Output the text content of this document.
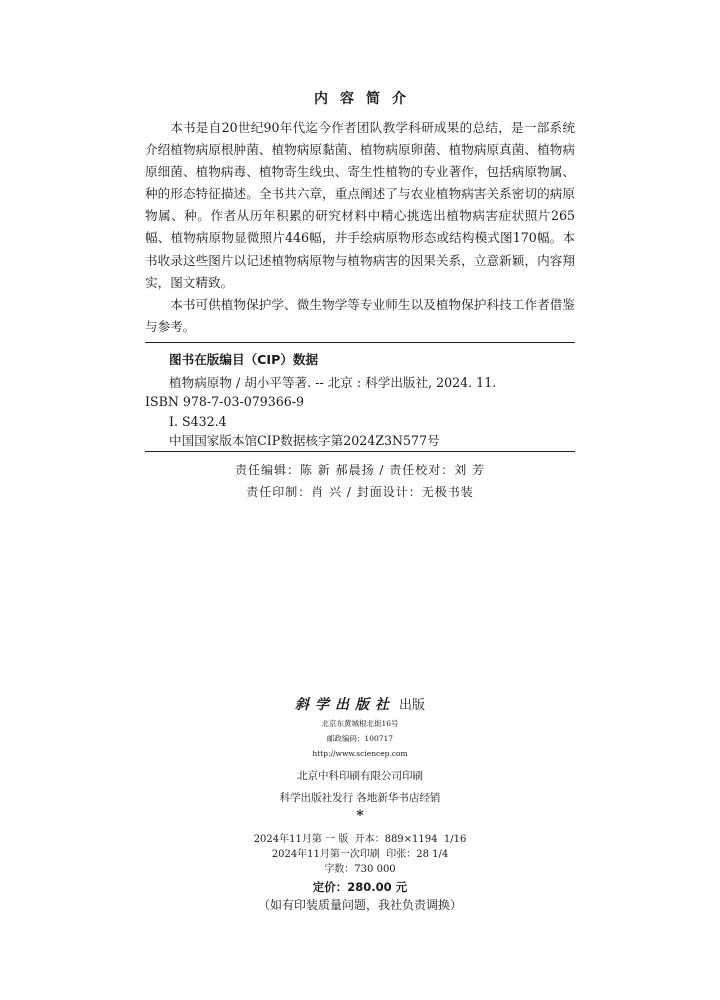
内容简介

本书是自20世纪90年代迄今作者团队教学科研成果的总结，是一部系统介绍植物病原根肿菌、植物病原黏菌、植物病原卵菌、植物病原真菌、植物病原细菌、植物病毒、植物寄生线虫、寄生性植物的专业著作，包括病原物属、种的形态特征描述。全书共六章，重点阐述了与农业植物病害关系密切的病原物属、种。作者从历年积累的研究材料中精心挑选出植物病害症状照片265幅、植物病原物显微照片446幅，并手绘病原物形态或结构模式图170幅。本书收录这些图片以记述植物病原物与植物病害的因果关系，立意新颖，内容翔实，图文精致。

本书可供植物保护学、微生物学等专业师生以及植物保护科技工作者借鉴与参考。

图书在版编目（CIP）数据
植物病原物 / 胡小平等著. -- 北京 : 科学出版社, 2024. 11.
ISBN 978-7-03-079366-9
Ⅰ. S432.4
中国国家版本馆CIP数据核字第2024Z3N577号
责任编辑：陈 新 郝晨扬 / 责任校对：刘 芳
责任印制：肖 兴 / 封面设计：无极书装
斜学出版社 出版
北京东黄城根北街16号
邮政编码：100717
http://www.sciencep.com
北京中科印刷有限公司印刷
科学出版社发行 各地新华书店经销
*
2024年11月第 一 版  开本：889×1194  1/16
2024年11月第一次印刷  印张：28 1/4
字数：730 000
定价：280.00 元
（如有印装质量问题，我社负责调换）
